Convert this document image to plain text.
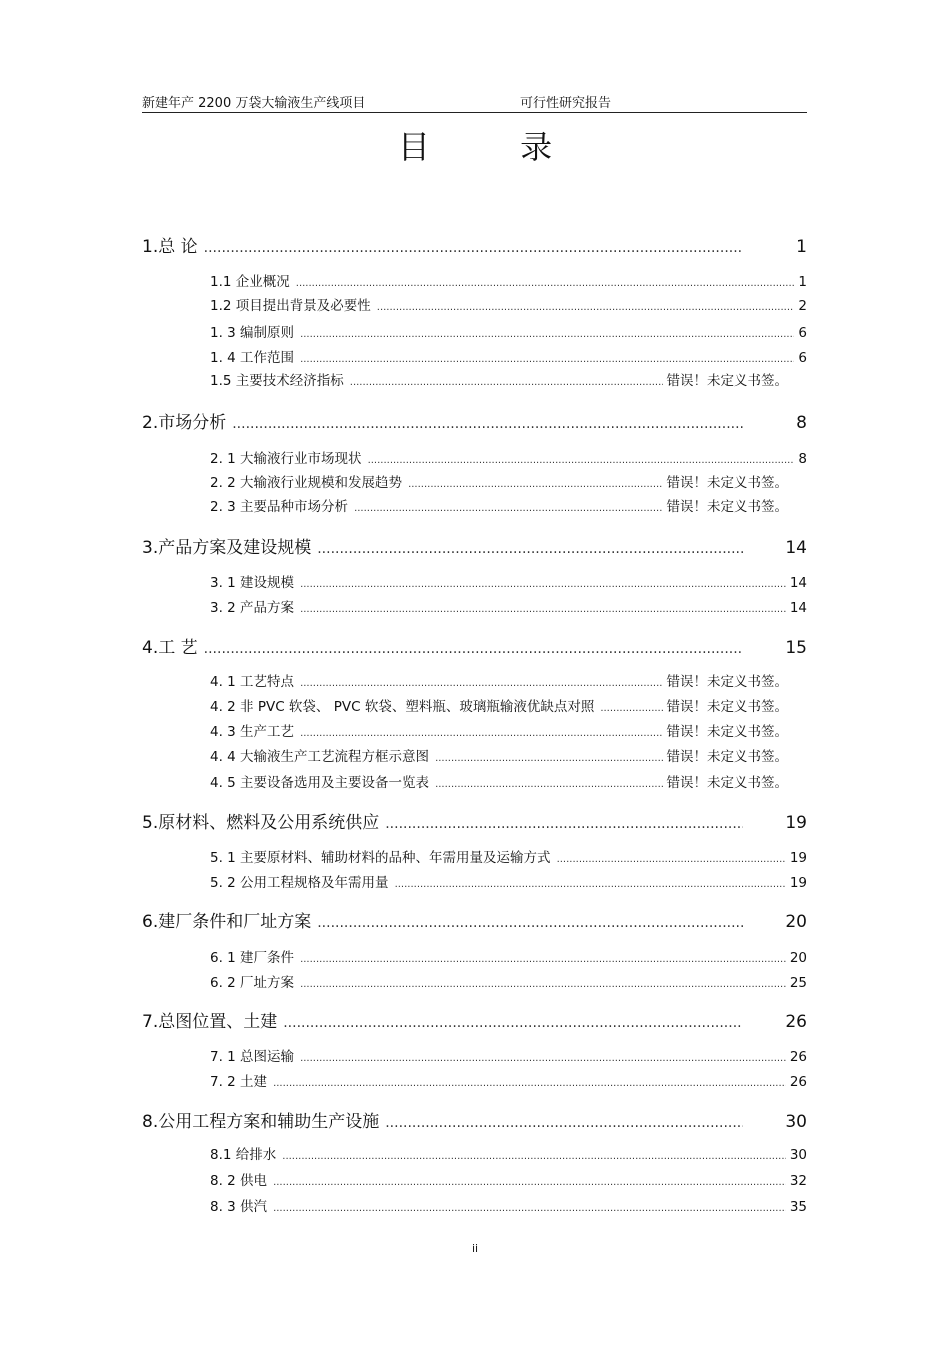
新建年产 2200 万袋大输液生产线项目	可行性研究报告
目 录
1. 总 论 .....	1
1.1 企业概况 .....	1
1.2 项目提出背景及必要性 .....	2
1. 3 编制原则 .....	6
1. 4 工作范围 .....	6
1.5 主要技术经济指标 .....	错误！未定义书签。
2. 市场分析 .....	8
2. 1 大输液行业市场现状 .....	8
2. 2 大输液行业规模和发展趋势 .....	错误！未定义书签。
2. 3 主要品种市场分析 .....	错误！未定义书签。
3. 产品方案及建设规模 .....	14
3. 1 建设规模 .....	14
3. 2 产品方案 .....	14
4. 工 艺 .....	15
4. 1 工艺特点 .....	错误！未定义书签。
4. 2 非 PVC 软袋、 PVC 软袋、塑料瓶、玻璃瓶输液优缺点对照 .....	错误！未定义书签。
4. 3 生产工艺 .....	错误！未定义书签。
4. 4 大输液生产工艺流程方框示意图 .....	错误！未定义书签。
4. 5 主要设备选用及主要设备一览表 .....	错误！未定义书签。
5. 原材料、燃料及公用系统供应 .....	19
5. 1 主要原材料、辅助材料的品种、年需用量及运输方式 .....	19
5. 2 公用工程规格及年需用量 .....	19
6. 建厂条件和厂址方案 .....	20
6. 1 建厂条件 .....	20
6. 2 厂址方案 .....	25
7. 总图位置、土建 .....	26
7. 1 总图运输 .....	26
7. 2 土建 .....	26
8. 公用工程方案和辅助生产设施 .....	30
8.1 给排水 .....	30
8. 2 供电 .....	32
8. 3 供汽 .....	35
ii
